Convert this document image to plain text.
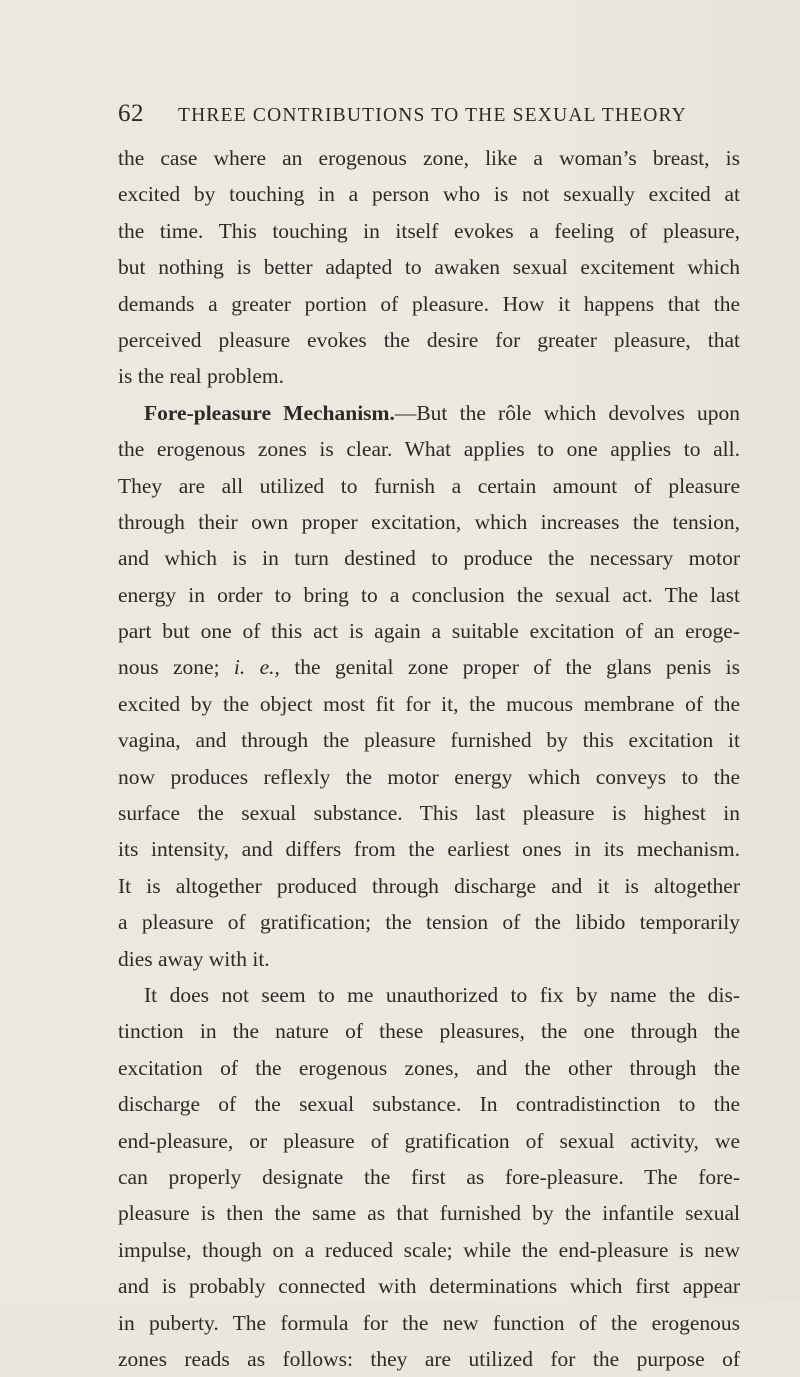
62 THREE CONTRIBUTIONS TO THE SEXUAL THEORY
the case where an erogenous zone, like a woman’s breast, is
excited by touching in a person who is not sexually excited at
the time. This touching in itself evokes a feeling of pleasure,
but nothing is better adapted to awaken sexual excitement which
demands a greater portion of pleasure. How it happens that the
perceived pleasure evokes the desire for greater pleasure, that
is the real problem.
Fore-pleasure Mechanism.—But the rôle which devolves upon
the erogenous zones is clear. What applies to one applies to all.
They are all utilized to furnish a certain amount of pleasure
through their own proper excitation, which increases the tension,
and which is in turn destined to produce the necessary motor
energy in order to bring to a conclusion the sexual act. The last
part but one of this act is again a suitable excitation of an eroge-
nous zone; i. e., the genital zone proper of the glans penis is
excited by the object most fit for it, the mucous membrane of the
vagina, and through the pleasure furnished by this excitation it
now produces reflexly the motor energy which conveys to the
surface the sexual substance. This last pleasure is highest in
its intensity, and differs from the earliest ones in its mechanism.
It is altogether produced through discharge and it is altogether
a pleasure of gratification; the tension of the libido temporarily
dies away with it.
It does not seem to me unauthorized to fix by name the dis-
tinction in the nature of these pleasures, the one through the
excitation of the erogenous zones, and the other through the
discharge of the sexual substance. In contradistinction to the
end-pleasure, or pleasure of gratification of sexual activity, we
can properly designate the first as fore-pleasure. The fore-
pleasure is then the same as that furnished by the infantile sexual
impulse, though on a reduced scale; while the end-pleasure is new
and is probably connected with determinations which first appear
in puberty. The formula for the new function of the erogenous
zones reads as follows: they are utilized for the purpose of
